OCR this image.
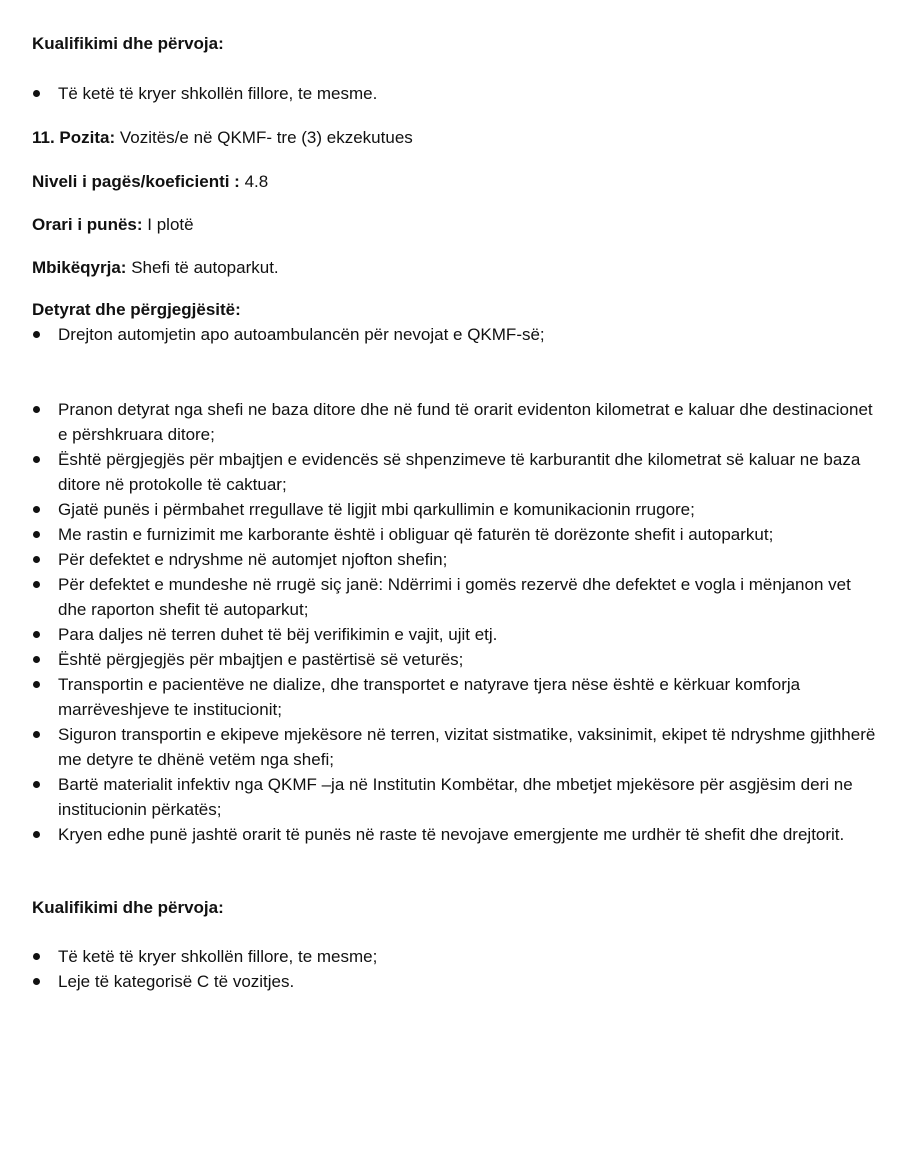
Kualifikimi dhe përvoja:
Të ketë të kryer shkollën fillore, te mesme.
11. Pozita: Vozitës/e në QKMF- tre (3) ekzekutues
Niveli i pagës/koeficienti : 4.8
Orari i punës: I plotë
Mbikëqyrja: Shefi të autoparkut.
Detyrat dhe përgjegjësitë:
Drejton automjetin apo autoambulancën për nevojat e QKMF-së;
Pranon detyrat nga shefi ne baza ditore dhe në fund të orarit evidenton kilometrat e kaluar dhe destinacionet e përshkruara ditore;
Është përgjegjës për mbajtjen e evidencës së shpenzimeve të karburantit dhe kilometrat së kaluar ne baza ditore në protokolle të caktuar;
Gjatë punës i përmbahet rregullave të ligjit mbi qarkullimin e komunikacionin rrugore;
Me rastin e furnizimit me karborante është i obliguar që faturën të dorëzonte shefit i autoparkut;
Për defektet e ndryshme në automjet njofton shefin;
Për defektet e mundeshe në rrugë siç janë: Ndërrimi i gomës rezervë dhe defektet e vogla i mënjanon vet dhe raporton shefit të autoparkut;
Para daljes në terren duhet të bëj verifikimin e vajit, ujit etj.
Është përgjegjës për mbajtjen e pastërtisë së veturës;
Transportin e pacientëve ne dialize, dhe transportet e natyrave tjera nëse është e kërkuar komforja marrëveshjeve te institucionit;
Siguron transportin e ekipeve mjekësore në terren, vizitat sistmatike, vaksinimit, ekipet të ndryshme gjithherë me detyre te dhënë vetëm nga shefi;
Bartë materialit infektiv nga QKMF –ja në Institutin Kombëtar, dhe mbetjet mjekësore për asgjësim deri ne institucionin përkatës;
Kryen edhe punë jashtë orarit të punës në raste të nevojave emergjente me urdhër të shefit dhe drejtorit.
Kualifikimi dhe përvoja:
Të ketë të kryer shkollën fillore, te mesme;
Leje të kategorisë C të vozitjes.
